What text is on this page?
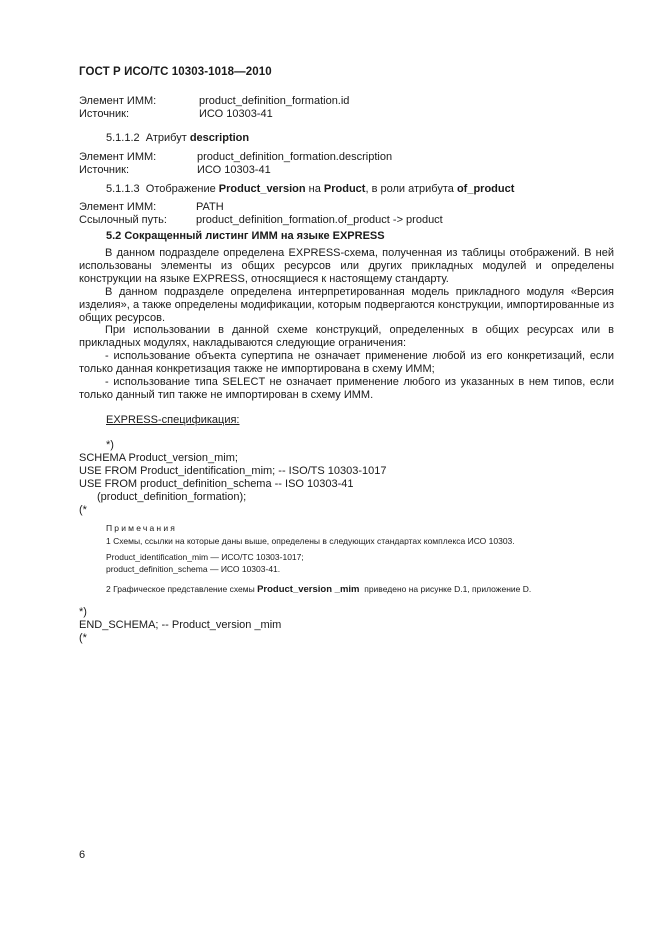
ГОСТ Р ИСО/ТС 10303-1018—2010
Элемент ИММ:	product_definition_formation.id
Источник:	ИСО 10303-41
5.1.1.2 Атрибут description
Элемент ИММ:	product_definition_formation.description
Источник:	ИСО 10303-41
5.1.1.3 Отображение Product_version на Product, в роли атрибута of_product
Элемент ИММ:	PATH
Ссылочный путь:	product_definition_formation.of_product -> product
5.2 Сокращенный листинг ИММ на языке EXPRESS
В данном подразделе определена EXPRESS-схема, полученная из таблицы отображений. В ней использованы элементы из общих ресурсов или других прикладных модулей и определены конструкции на языке EXPRESS, относящиеся к настоящему стандарту.
В данном подразделе определена интерпретированная модель прикладного модуля «Версия изделия», а также определены модификации, которым подвергаются конструкции, импортированные из общих ресурсов.
При использовании в данной схеме конструкций, определенных в общих ресурсах или в прикладных модулях, накладываются следующие ограничения:
- использование объекта супертипа не означает применение любой из его конкретизаций, если только данная конкретизация также не импортирована в схему ИММ;
- использование типа SELECT не означает применение любого из указанных в нем типов, если только данный тип также не импортирован в схему ИММ.
EXPRESS-спецификация:
*)
SCHEMA Product_version_mim;
USE FROM Product_identification_mim; -- ISO/TS 10303-1017
USE FROM product_definition_schema -- ISO 10303-41
(product_definition_formation);
(*
Примечания
1 Схемы, ссылки на которые даны выше, определены в следующих стандартах комплекса ИСО 10303.
Product_identification_mim — ИСО/ТС 10303-1017;
product_definition_schema — ИСО 10303-41.
2 Графическое представление схемы Product_version _mim приведено на рисунке D.1, приложение D.
*)
END_SCHEMA; -- Product_version _mim
(*
6
